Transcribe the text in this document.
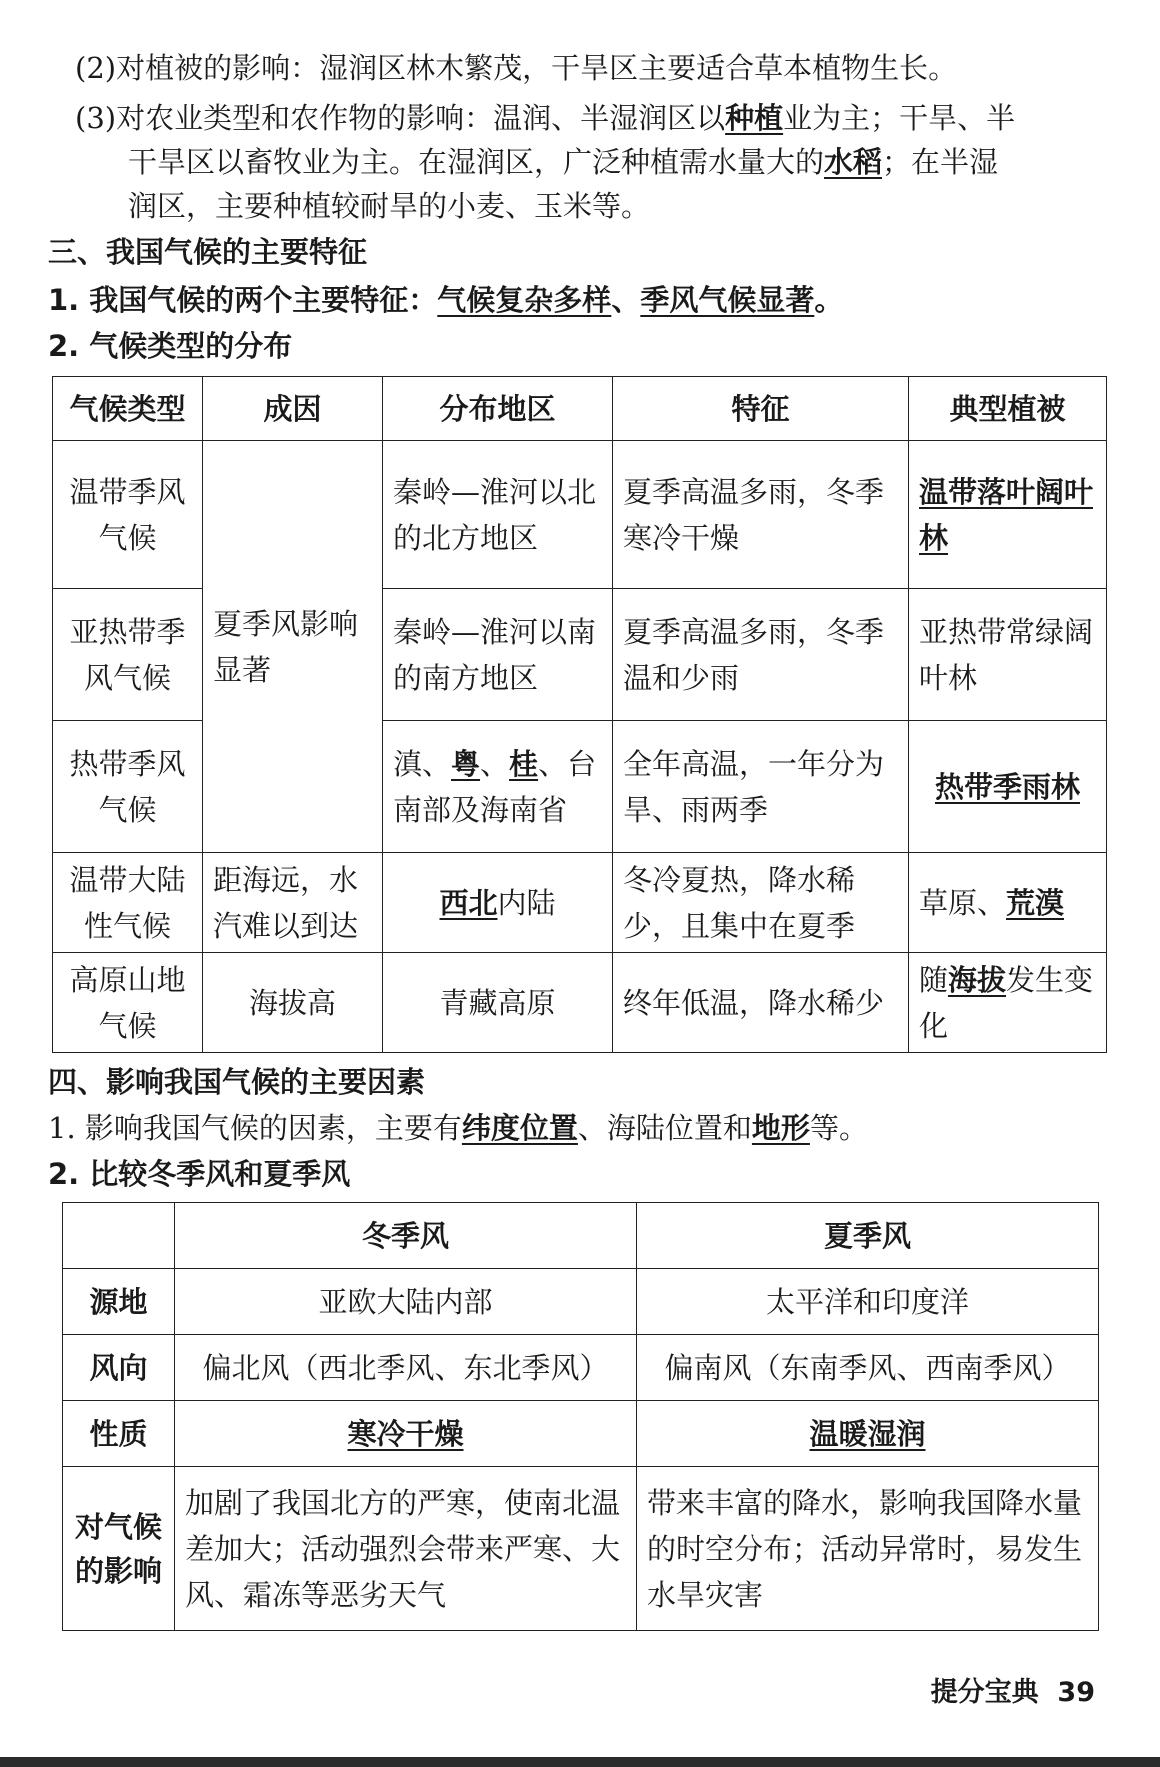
(2)对植被的影响：湿润区林木繁茂，干旱区主要适合草本植物生长。
(3)对农业类型和农作物的影响：温润、半湿润区以种植业为主；干旱、半
干旱区以畜牧业为主。在湿润区，广泛种植需水量大的水稻；在半湿
润区，主要种植较耐旱的小麦、玉米等。
三、我国气候的主要特征
1. 我国气候的两个主要特征：气候复杂多样、季风气候显著。
2. 气候类型的分布
气候类型	成因	分布地区	特征	典型植被
温带季风气候	夏季风影响显著	秦岭—淮河以北的北方地区	夏季高温多雨，冬季寒冷干燥	温带落叶阔叶林
亚热带季风气候		秦岭—淮河以南的南方地区	夏季高温多雨，冬季温和少雨	亚热带常绿阔叶林
热带季风气候		滇、粤、桂、台南部及海南省	全年高温，一年分为旱、雨两季	热带季雨林
温带大陆性气候	距海远，水汽难以到达	西北内陆	冬冷夏热，降水稀少，且集中在夏季	草原、荒漠
高原山地气候	海拔高	青藏高原	终年低温，降水稀少	随海拔发生变化
四、影响我国气候的主要因素
1. 影响我国气候的因素，主要有纬度位置、海陆位置和地形等。
2. 比较冬季风和夏季风
	冬季风	夏季风
源地	亚欧大陆内部	太平洋和印度洋
风向	偏北风（西北季风、东北季风）	偏南风（东南季风、西南季风）
性质	寒冷干燥	温暖湿润
对气候的影响	加剧了我国北方的严寒，使南北温差加大；活动强烈会带来严寒、大风、霜冻等恶劣天气	带来丰富的降水，影响我国降水量的时空分布；活动异常时，易发生水旱灾害
提分宝典 39
